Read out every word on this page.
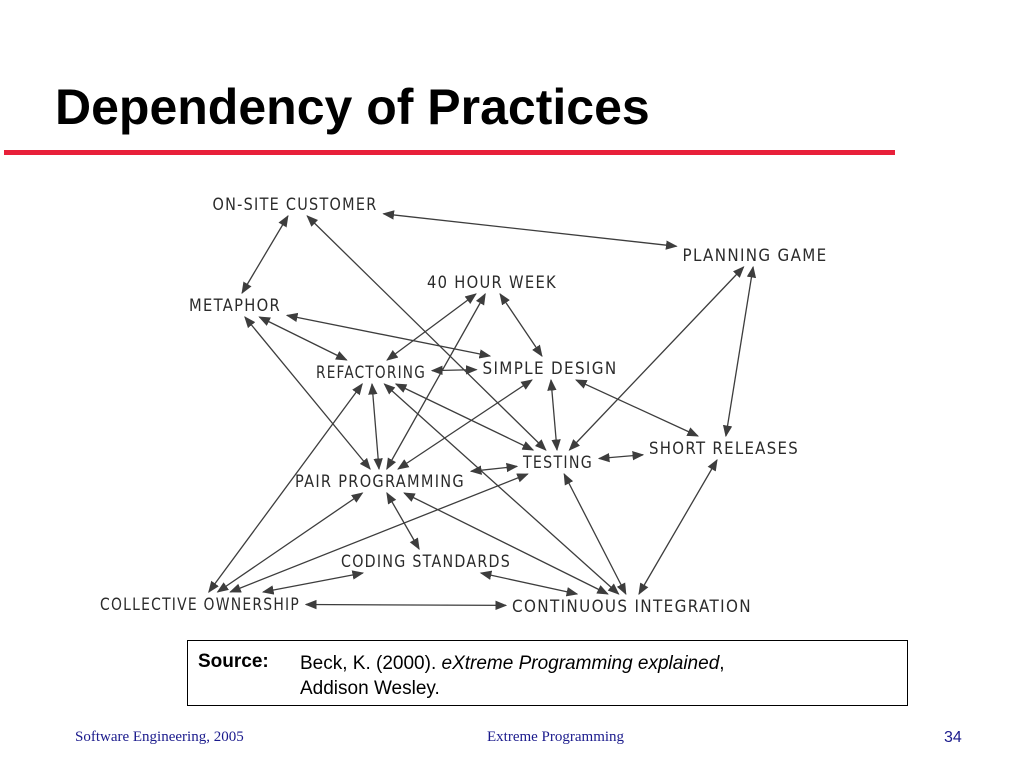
Dependency of Practices
ON-SITE CUSTOMER
PLANNING GAME
40 HOUR WEEK
METAPHOR
REFACTORING	SIMPLE DESIGN
SHORT RELEASES
TESTING
PAIR PROGRAMMING
CODING STANDARDS
COLLECTIVE OWNERSHIP	CONTINUOUS INTEGRATION
Source: Beck, K. (2000). eXtreme Programming explained,
Addison Wesley.
Software Engineering, 2005	Extreme Programming	34
